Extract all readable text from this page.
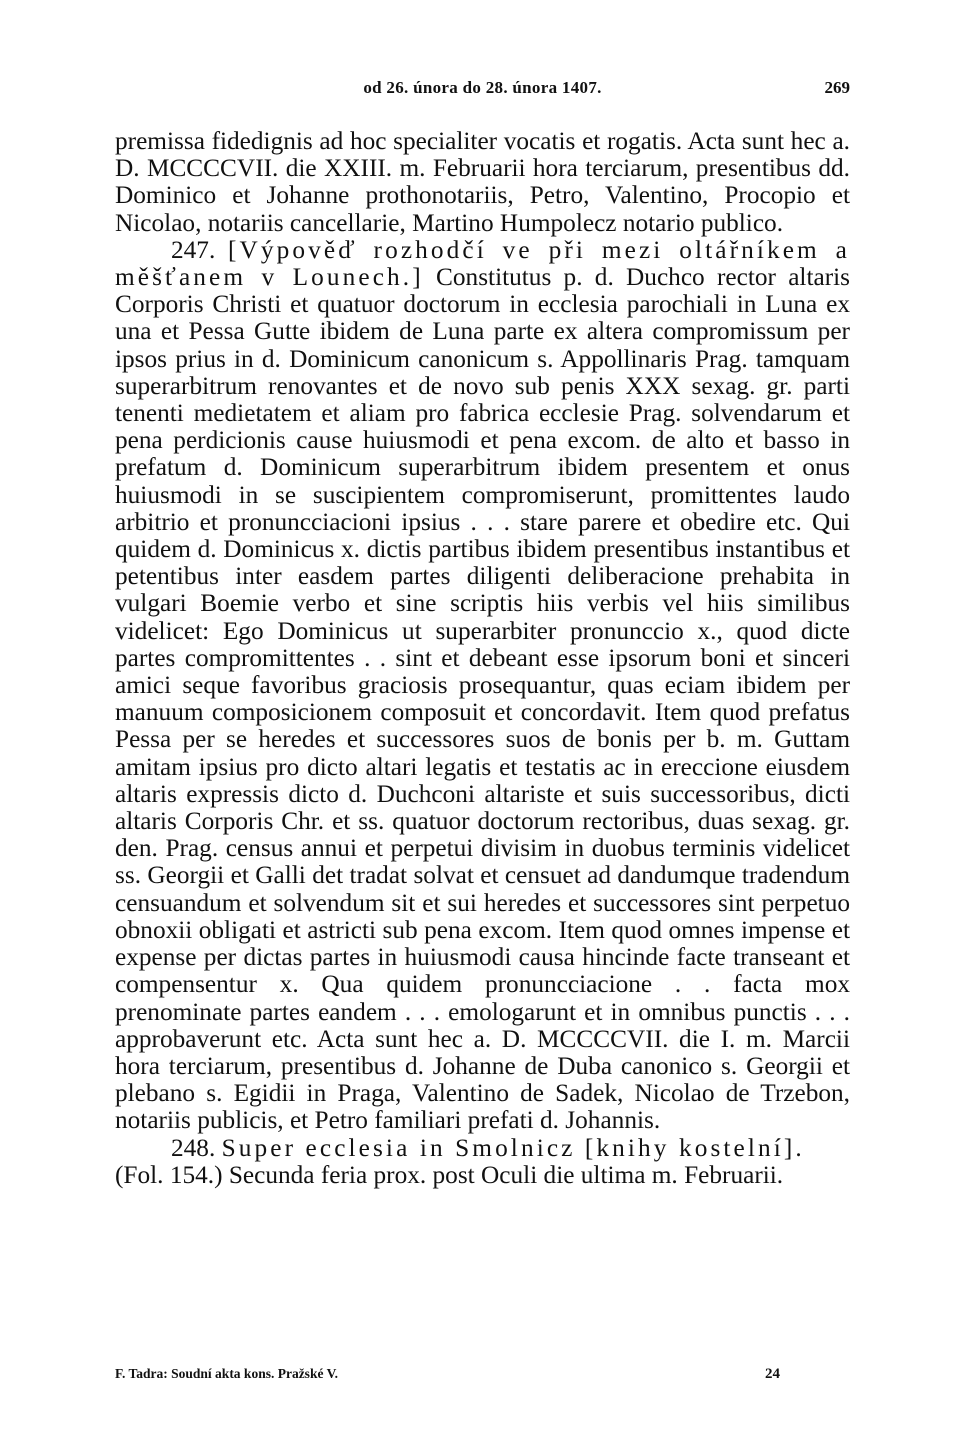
od 26. února do 28. února 1407.	269

premissa fidedignis ad hoc specialiter vocatis et rogatis. Acta sunt hec a. D. MCCCCVII. die XXIII. m. Februarii hora terciarum, presentibus dd. Dominico et Johanne prothonotariis, Petro, Valentino, Procopio et Nicolao, notariis cancellarie, Martino Humpolecz notario publico.

247. [Výpověď rozhodčí ve při mezi oltářníkem a měšťanem v Lounech.] Constitutus p. d. Duchco rector altaris Corporis Christi et quatuor doctorum in ecclesia parochiali in Luna ex una et Pessa Gutte ibidem de Luna parte ex altera compromissum per ipsos prius in d. Dominicum canonicum s. Appollinaris Prag. tamquam superarbitrum renovantes et de novo sub penis XXX sexag. gr. parti tenenti medietatem et aliam pro fabrica ecclesie Prag. solvendarum et pena perdicionis cause huiusmodi et pena excom. de alto et basso in prefatum d. Dominicum superarbitrum ibidem presentem et onus huiusmodi in se suscipientem compromiserunt, promittentes laudo arbitrio et pronuncciacioni ipsius . . . stare parere et obedire etc. Qui quidem d. Dominicus x. dictis partibus ibidem presentibus instantibus et petentibus inter easdem partes diligenti deliberacione prehabita in vulgari Boemie verbo et sine scriptis hiis verbis vel hiis similibus videlicet: Ego Dominicus ut superarbiter pronunccio x., quod dicte partes compromittentes . . sint et debeant esse ipsorum boni et sinceri amici seque favoribus graciosis prosequantur, quas eciam ibidem per manuum composicionem composuit et concordavit. Item quod prefatus Pessa per se heredes et successores suos de bonis per b. m. Guttam amitam ipsius pro dicto altari legatis et testatis ac in ereccione eiusdem altaris expressis dicto d. Duchconi altariste et suis successoribus, dicti altaris Corporis Chr. et ss. quatuor doctorum rectoribus, duas sexag. gr. den. Prag. census annui et perpetui divisim in duobus terminis videlicet ss. Georgii et Galli det tradat solvat et censuet ad dandumque tradendum censuandum et solvendum sit et sui heredes et successores sint perpetuo obnoxii obligati et astricti sub pena excom. Item quod omnes impense et expense per dictas partes in huiusmodi causa hincinde facte transeant et compensentur x. Qua quidem pronuncciacione . . facta mox prenominate partes eandem . . . emologarunt et in omnibus punctis . . . approbaverunt etc. Acta sunt hec a. D. MCCCCVII. die I. m. Marcii hora terciarum, presentibus d. Johanne de Duba canonico s. Georgii et plebano s. Egidii in Praga, Valentino de Sadek, Nicolao de Trzebon, notariis publicis, et Petro familiari prefati d. Johannis.

248. Super ecclesia in Smolnicz [knihy kostelní].

(Fol. 154.) Secunda feria prox. post Oculi die ultima m. Februarii.

F. Tadra: Soudní akta kons. Pražské V.	24
